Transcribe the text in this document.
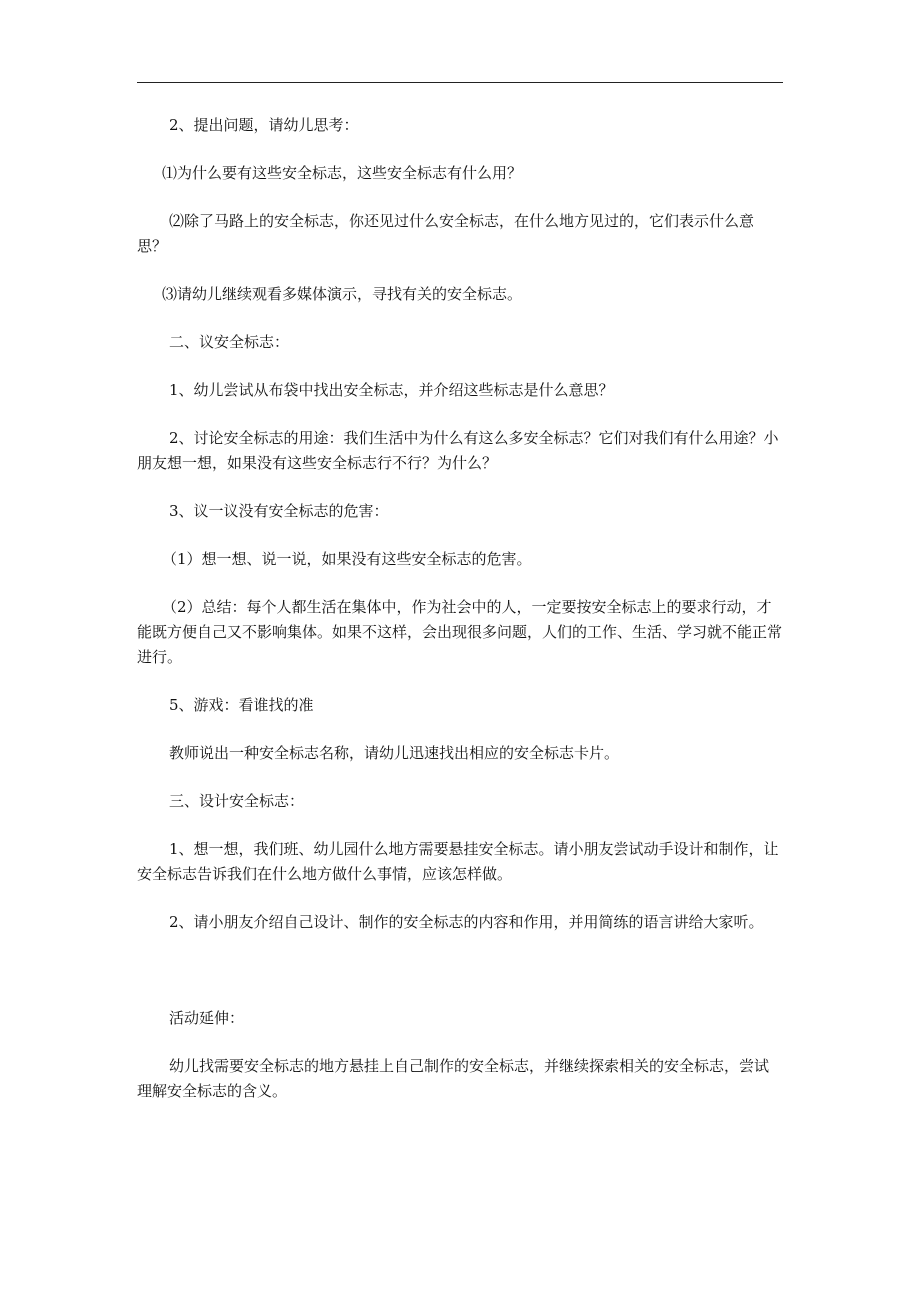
2、提出问题，请幼儿思考：

⑴为什么要有这些安全标志，这些安全标志有什么用？

⑵除了马路上的安全标志，你还见过什么安全标志，在什么地方见过的，它们表示什么意思？

⑶请幼儿继续观看多媒体演示，寻找有关的安全标志。

二、议安全标志：

1、幼儿尝试从布袋中找出安全标志，并介绍这些标志是什么意思？

2、讨论安全标志的用途：我们生活中为什么有这么多安全标志？它们对我们有什么用途？小朋友想一想，如果没有这些安全标志行不行？为什么？

3、议一议没有安全标志的危害：

（1）想一想、说一说，如果没有这些安全标志的危害。

（2）总结：每个人都生活在集体中，作为社会中的人，一定要按安全标志上的要求行动，才能既方便自己又不影响集体。如果不这样，会出现很多问题，人们的工作、生活、学习就不能正常进行。

5、游戏：看谁找的准

教师说出一种安全标志名称，请幼儿迅速找出相应的安全标志卡片。

三、设计安全标志：

1、想一想，我们班、幼儿园什么地方需要悬挂安全标志。请小朋友尝试动手设计和制作，让安全标志告诉我们在什么地方做什么事情，应该怎样做。

2、请小朋友介绍自己设计、制作的安全标志的内容和作用，并用简练的语言讲给大家听。

活动延伸：

幼儿找需要安全标志的地方悬挂上自己制作的安全标志，并继续探索相关的安全标志，尝试理解安全标志的含义。
